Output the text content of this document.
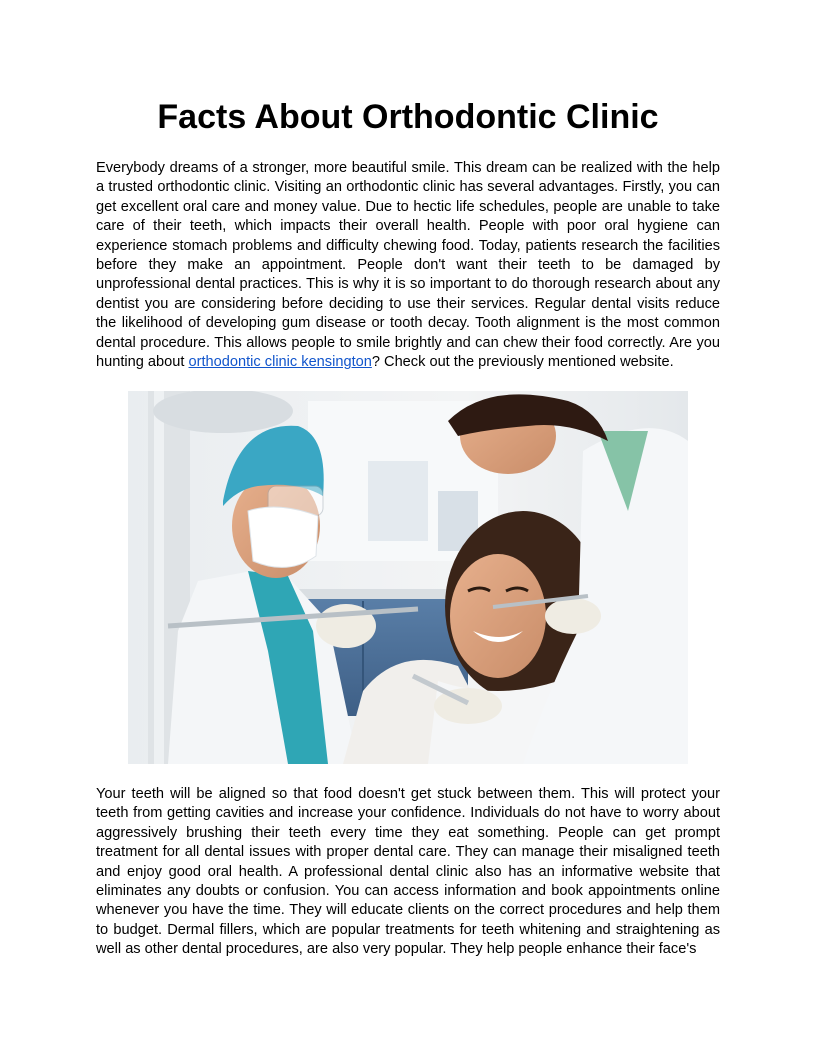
Facts About Orthodontic Clinic

Everybody dreams of a stronger, more beautiful smile. This dream can be realized with the help a trusted orthodontic clinic. Visiting an orthodontic clinic has several advantages. Firstly, you can get excellent oral care and money value. Due to hectic life schedules, people are unable to take care of their teeth, which impacts their overall health. People with poor oral hygiene can experience stomach problems and difficulty chewing food. Today, patients research the facilities before they make an appointment. People don't want their teeth to be damaged by unprofessional dental practices. This is why it is so important to do thorough research about any dentist you are considering before deciding to use their services. Regular dental visits reduce the likelihood of developing gum disease or tooth decay. Tooth alignment is the most common dental procedure. This allows people to smile brightly and can chew their food correctly. Are you hunting about orthodontic clinic kensington? Check out the previously mentioned website.

Your teeth will be aligned so that food doesn't get stuck between them. This will protect your teeth from getting cavities and increase your confidence. Individuals do not have to worry about aggressively brushing their teeth every time they eat something. People can get prompt treatment for all dental issues with proper dental care. They can manage their misaligned teeth and enjoy good oral health. A professional dental clinic also has an informative website that eliminates any doubts or confusion. You can access information and book appointments online whenever you have the time. They will educate clients on the correct procedures and help them to budget. Dermal fillers, which are popular treatments for teeth whitening and straightening as well as other dental procedures, are also very popular. They help people enhance their face's
